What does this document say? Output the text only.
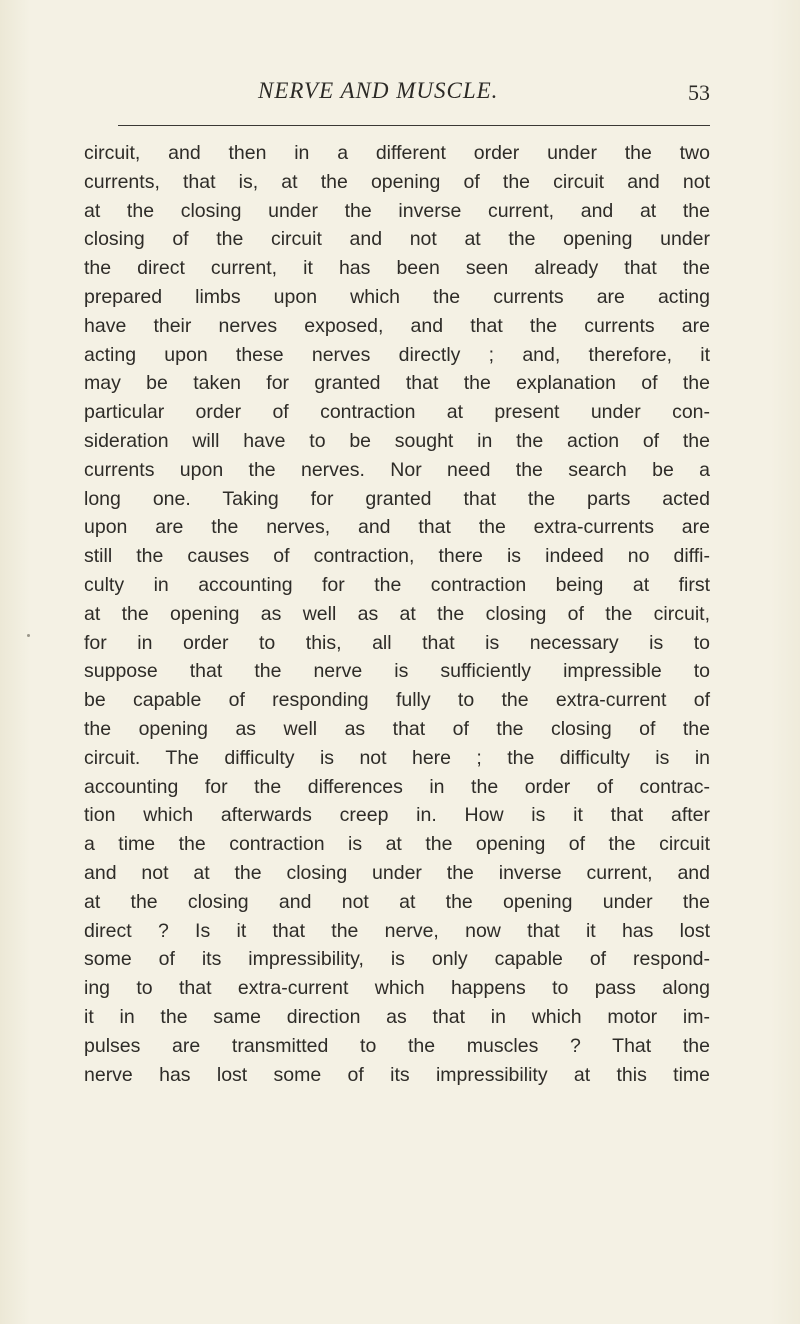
NERVE AND MUSCLE.	53
circuit, and then in a different order under the two
currents, that is, at the opening of the circuit and not
at the closing under the inverse current, and at the
closing of the circuit and not at the opening under
the direct current, it has been seen already that the
prepared limbs upon which the currents are acting
have their nerves exposed, and that the currents are
acting upon these nerves directly ; and, therefore, it
may be taken for granted that the explanation of the
particular order of contraction at present under con-
sideration will have to be sought in the action of the
currents upon the nerves. Nor need the search be a
long one. Taking for granted that the parts acted
upon are the nerves, and that the extra-currents are
still the causes of contraction, there is indeed no diffi-
culty in accounting for the contraction being at first
at the opening as well as at the closing of the circuit,
for in order to this, all that is necessary is to
suppose that the nerve is sufficiently impressible to
be capable of responding fully to the extra-current of
the opening as well as that of the closing of the
circuit. The difficulty is not here ; the difficulty is in
accounting for the differences in the order of contrac-
tion which afterwards creep in. How is it that after
a time the contraction is at the opening of the circuit
and not at the closing under the inverse current, and
at the closing and not at the opening under the
direct ? Is it that the nerve, now that it has lost
some of its impressibility, is only capable of respond-
ing to that extra-current which happens to pass along
it in the same direction as that in which motor im-
pulses are transmitted to the muscles ? That the
nerve has lost some of its impressibility at this time
